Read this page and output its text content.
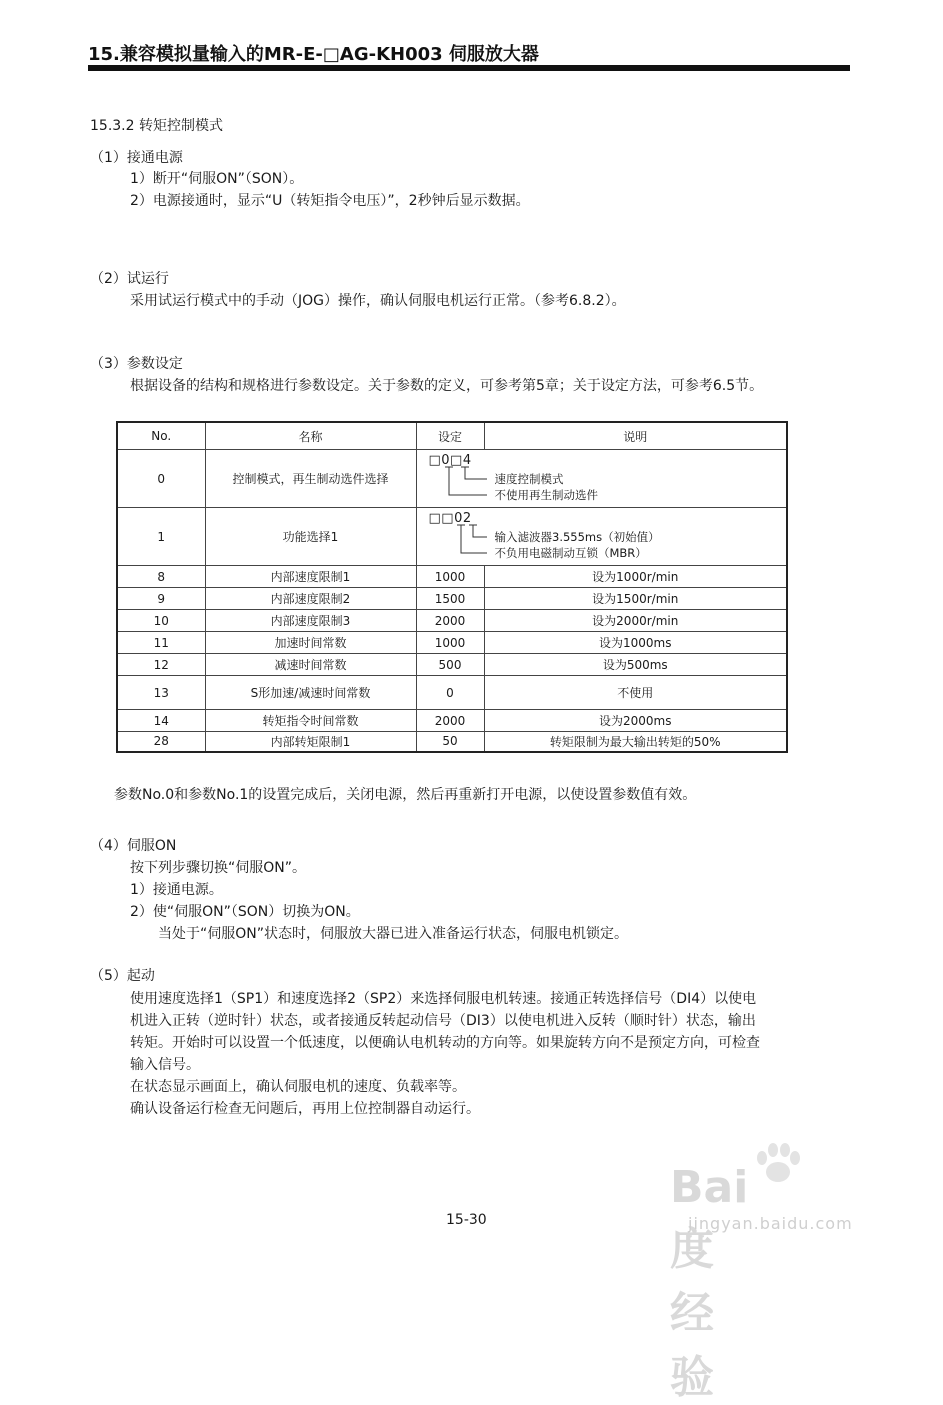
15.兼容模拟量输入的MR-E-□AG-KH003 伺服放大器
15.3.2 转矩控制模式
（1）接通电源
1）断开“伺服ON”（SON）。
2）电源接通时，显示“U（转矩指令电压）”，2秒钟后显示数据。
（2）试运行
采用试运行模式中的手动（JOG）操作，确认伺服电机运行正常。（参考6.8.2）。
（3）参数设定
根据设备的结构和规格进行参数设定。关于参数的定义，可参考第5章；关于设定方法，可参考6.5节。
No.	名称	设定	说明
0	控制模式，再生制动选件选择	□0□4
速度控制模式
不使用再生制动选件	

1	功能选择1	□□02
输入滤波器3.555ms（初始值）
不负用电磁制动互锁（MBR）	

8	内部速度限制1	1000	设为1000r/min
9	内部速度限制2	1500	设为1500r/min
10	内部速度限制3	2000	设为2000r/min
11	加速时间常数	1000	设为1000ms
12	减速时间常数	500	设为500ms
13	S形加速/减速时间常数	0	不使用
14	转矩指令时间常数	2000	设为2000ms
28	内部转矩限制1	50	转矩限制为最大输出转矩的50%
参数No.0和参数No.1的设置完成后，关闭电源，然后再重新打开电源，以使设置参数值有效。
（4）伺服ON
按下列步骤切换“伺服ON”。
1）接通电源。
2）使“伺服ON”（SON）切换为ON。
当处于“伺服ON”状态时，伺服放大器已进入准备运行状态，伺服电机锁定。
（5）起动
使用速度选择1（SP1）和速度选择2（SP2）来选择伺服电机转速。接通正转选择信号（DI4）以使电
机进入正转（逆时针）状态，或者接通反转起动信号（DI3）以使电机进入反转（顺时针）状态，输出
转矩。开始时可以设置一个低速度，以便确认电机转动的方向等。如果旋转方向不是预定方向，可检查
输入信号。
在状态显示画面上，确认伺服电机的速度、负载率等。
确认设备运行检查无问题后，再用上位控制器自动运行。
15-30
Bai度经验
jingyan.baidu.com
